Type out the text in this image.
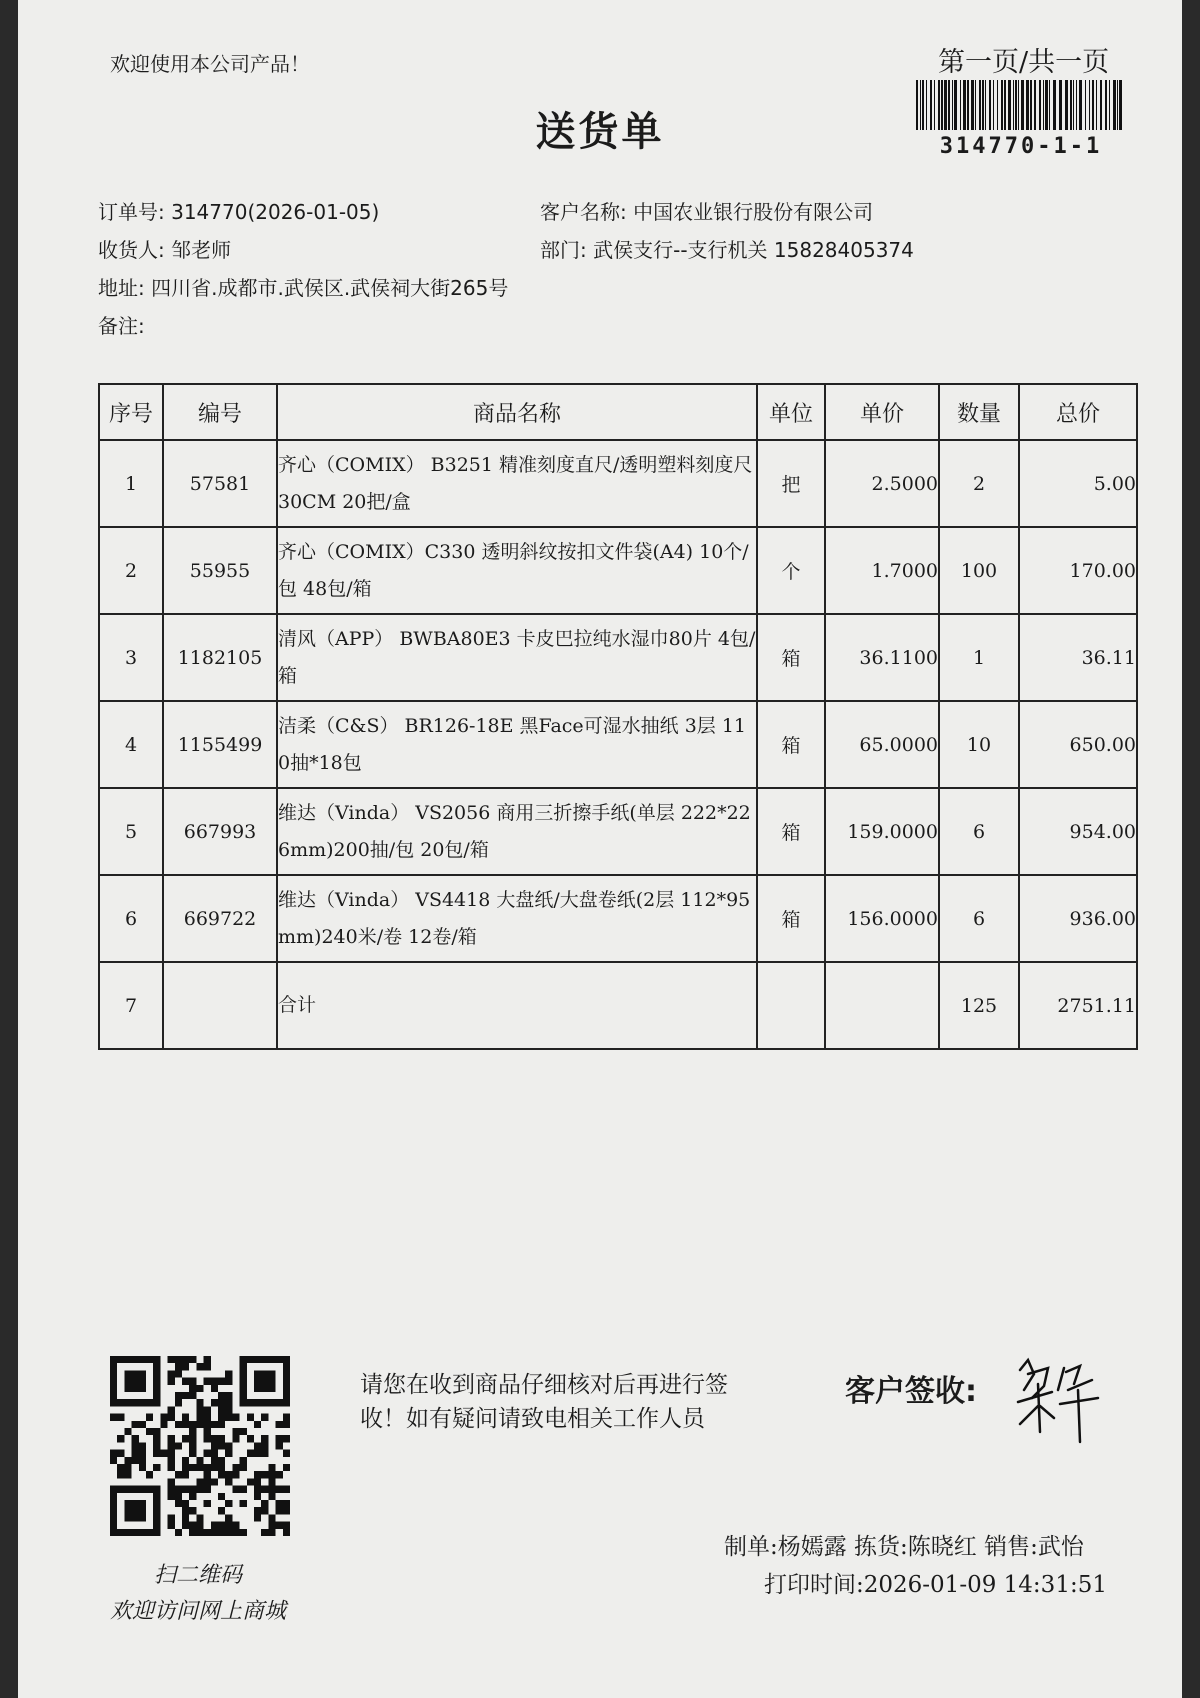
欢迎使用本公司产品！	第一页/共一页
送货单	314770-1-1
订单号: 314770(2026-01-05)	客户名称: 中国农业银行股份有限公司
收货人: 邹老师	部门: 武侯支行--支行机关 15828405374
地址: 四川省.成都市.武侯区.武侯祠大街265号
备注:
序号	编号	商品名称	单位	单价	数量	总价
1	57581	齐心（COMIX） B3251 精准刻度直尺/透明塑料刻度尺 30CM 20把/盒	把	2.5000	2	5.00
2	55955	齐心（COMIX）C330 透明斜纹按扣文件袋(A4) 10个/包 48包/箱	个	1.7000	100	170.00
3	1182105	清风（APP） BWBA80E3 卡皮巴拉纯水湿巾80片 4包/箱	箱	36.1100	1	36.11
4	1155499	洁柔（C&S） BR126-18E 黑Face可湿水抽纸 3层 110抽*18包	箱	65.0000	10	650.00
5	667993	维达（Vinda） VS2056 商用三折擦手纸(单层 222*226mm)200抽/包 20包/箱	箱	159.0000	6	954.00
6	669722	维达（Vinda） VS4418 大盘纸/大盘卷纸(2层 112*95mm)240米/卷 12卷/箱	箱	156.0000	6	936.00
7		合计			125	2751.11
扫二维码
欢迎访问网上商城
请您在收到商品仔细核对后再进行签
收！如有疑问请致电相关工作人员
客户签收:
制单:杨嫣露 拣货:陈晓红 销售:武怡
打印时间:2026-01-09 14:31:51
